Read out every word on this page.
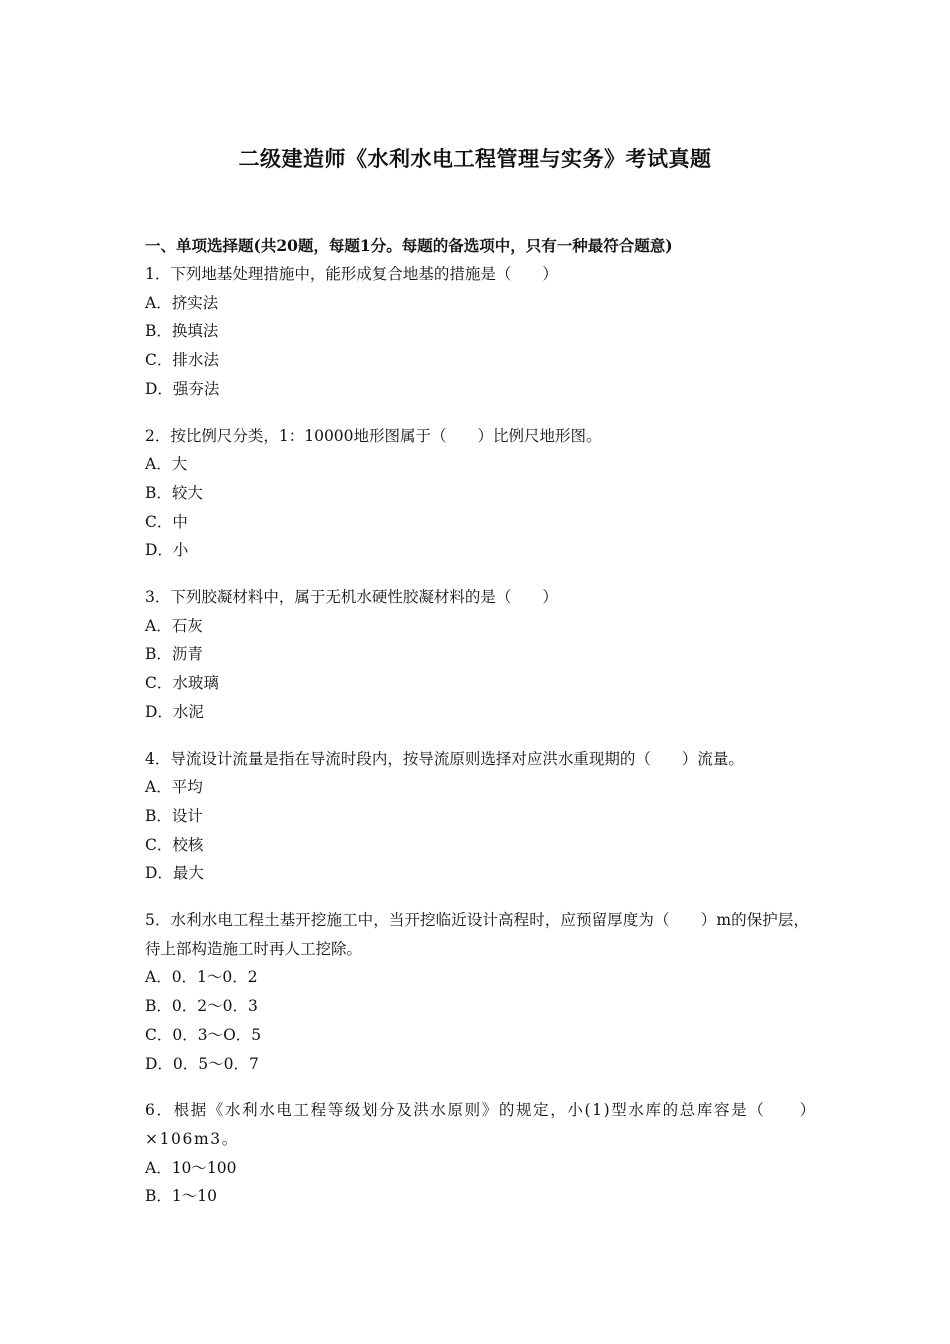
二级建造师《水利水电工程管理与实务》考试真题
一、单项选择题(共20题，每题1分。每题的备选项中，只有一种最符合题意)

1．下列地基处理措施中，能形成复合地基的措施是（　　）

A．挤实法

B．换填法

C．排水法

D．强夯法

2．按比例尺分类，1：10000地形图属于（　　）比例尺地形图。

A．大

B．较大

C．中

D．小

3．下列胶凝材料中，属于无机水硬性胶凝材料的是（　　）

A．石灰

B．沥青

C．水玻璃

D．水泥

4．导流设计流量是指在导流时段内，按导流原则选择对应洪水重现期的（　　）流量。

A．平均

B．设计

C．校核

D．最大

5．水利水电工程土基开挖施工中，当开挖临近设计高程时，应预留厚度为（　　）m的保护层，待上部构造施工时再人工挖除。

A．0．1～0．2

B．0．2～0．3

C．0．3～O．5

D．0．5～0．7

6．根据《水利水电工程等级划分及洪水原则》的规定，小(1)型水库的总库容是（　　）×106m3。

A．10～100

B．1～10
